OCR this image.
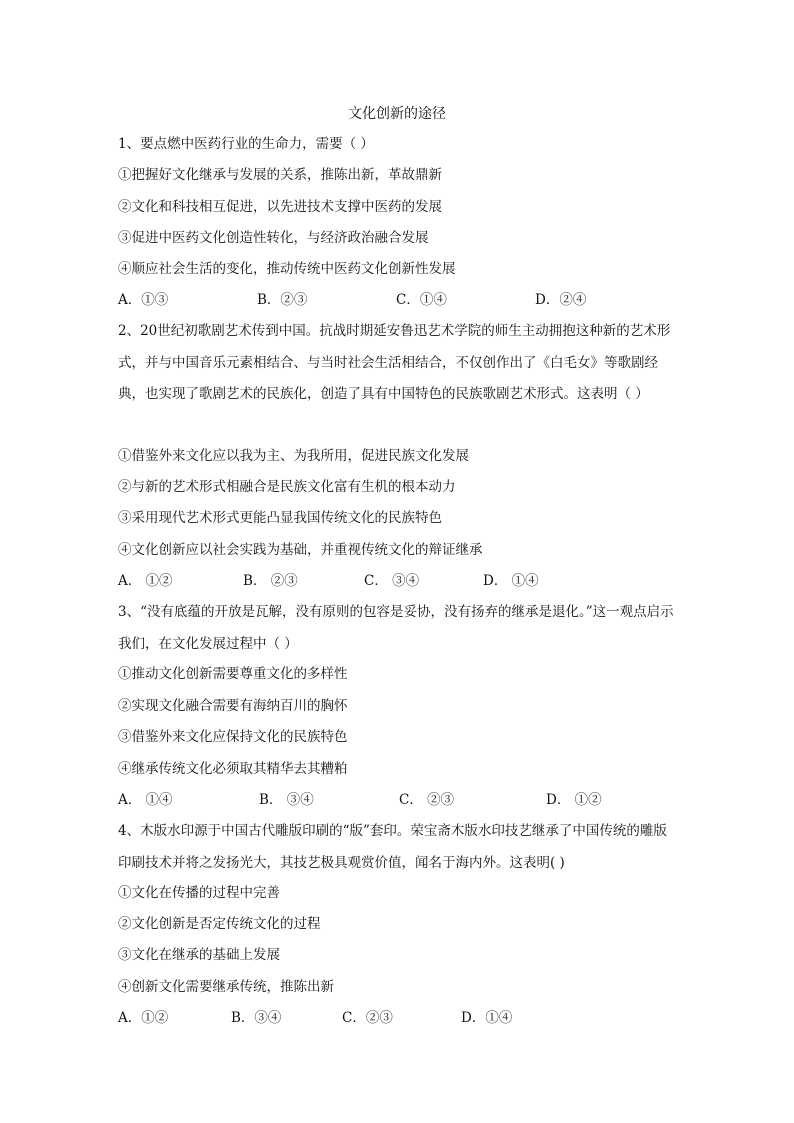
文化创新的途径
1、要点燃中医药行业的生命力，需要（ ）
①把握好文化继承与发展的关系，推陈出新，革故鼎新
②文化和科技相互促进，以先进技术支撑中医药的发展
③促进中医药文化创造性转化，与经济政治融合发展
④顺应社会生活的变化，推动传统中医药文化创新性发展
A．①③	B．②③	C．①④	D．②④
2、20世纪初歌剧艺术传到中国。抗战时期延安鲁迅艺术学院的师生主动拥抱这种新的艺术形式，并与中国音乐元素相结合、与当时社会生活相结合，不仅创作出了《白毛女》等歌剧经典，也实现了歌剧艺术的民族化，创造了具有中国特色的民族歌剧艺术形式。这表明（ ）
①借鉴外来文化应以我为主、为我所用，促进民族文化发展
②与新的艺术形式相融合是民族文化富有生机的根本动力
③采用现代艺术形式更能凸显我国传统文化的民族特色
④文化创新应以社会实践为基础，并重视传统文化的辩证继承
A． ①②	B． ②③	C． ③④	D． ①④
3、“没有底蕴的开放是瓦解，没有原则的包容是妥协，没有扬弃的继承是退化。”这一观点启示我们，在文化发展过程中（ ）
①推动文化创新需要尊重文化的多样性
②实现文化融合需要有海纳百川的胸怀
③借鉴外来文化应保持文化的民族特色
④继承传统文化必须取其精华去其糟粕
A． ①④	B． ③④	C． ②③	D． ①②
4、木版水印源于中国古代雕版印刷的“版”套印。荣宝斋木版水印技艺继承了中国传统的雕版印刷技术并将之发扬光大，其技艺极具观赏价值，闻名于海内外。这表明( )
①文化在传播的过程中完善
②文化创新是否定传统文化的过程
③文化在继承的基础上发展
④创新文化需要继承传统，推陈出新
A．①②	B．③④	C．②③	D．①④
